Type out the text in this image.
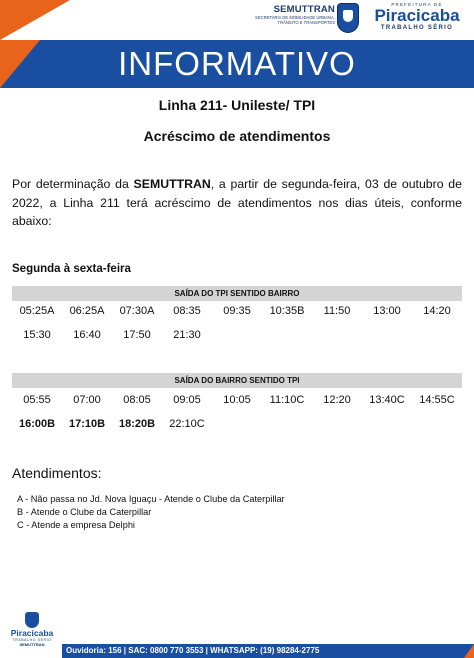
SEMUTTRAN
SECRETARIA DE MOBILIDADE URBANA,
TRÂNSITO E TRANSPORTES
PREFEITURA DE
Piracicaba
TRABALHO SÉRIO
INFORMATIVO
Linha 211- Unileste/ TPI
Acréscimo de atendimentos

Por determinação da SEMUTTRAN, a partir de segunda-feira, 03 de outubro de 2022, a Linha 211 terá acréscimo de atendimentos nos dias úteis, conforme abaixo:

Segunda à sexta-feira
SAÍDA DO TPI SENTIDO BAIRRO
05:25A	06:25A	07:30A	08:35	09:35	10:35B	11:50	13:00	14:20
15:30	16:40	17:50	21:30
SAÍDA DO BAIRRO SENTIDO TPI
05:55	07:00	08:05	09:05	10:05	11:10C	12:20	13:40C	14:55C
16:00B	17:10B	18:20B	22:10C
Atendimentos:
A - Não passa no Jd. Nova Iguaçu - Atende o Clube da Caterpillar
B - Atende o Clube da Caterpillar
C - Atende a empresa Delphi
Piracicaba
TRABALHO SÉRIO
SEMUTTRAN
Ouvidoria: 156 | SAC: 0800 770 3553 | WHATSAPP: (19) 98284-2775
